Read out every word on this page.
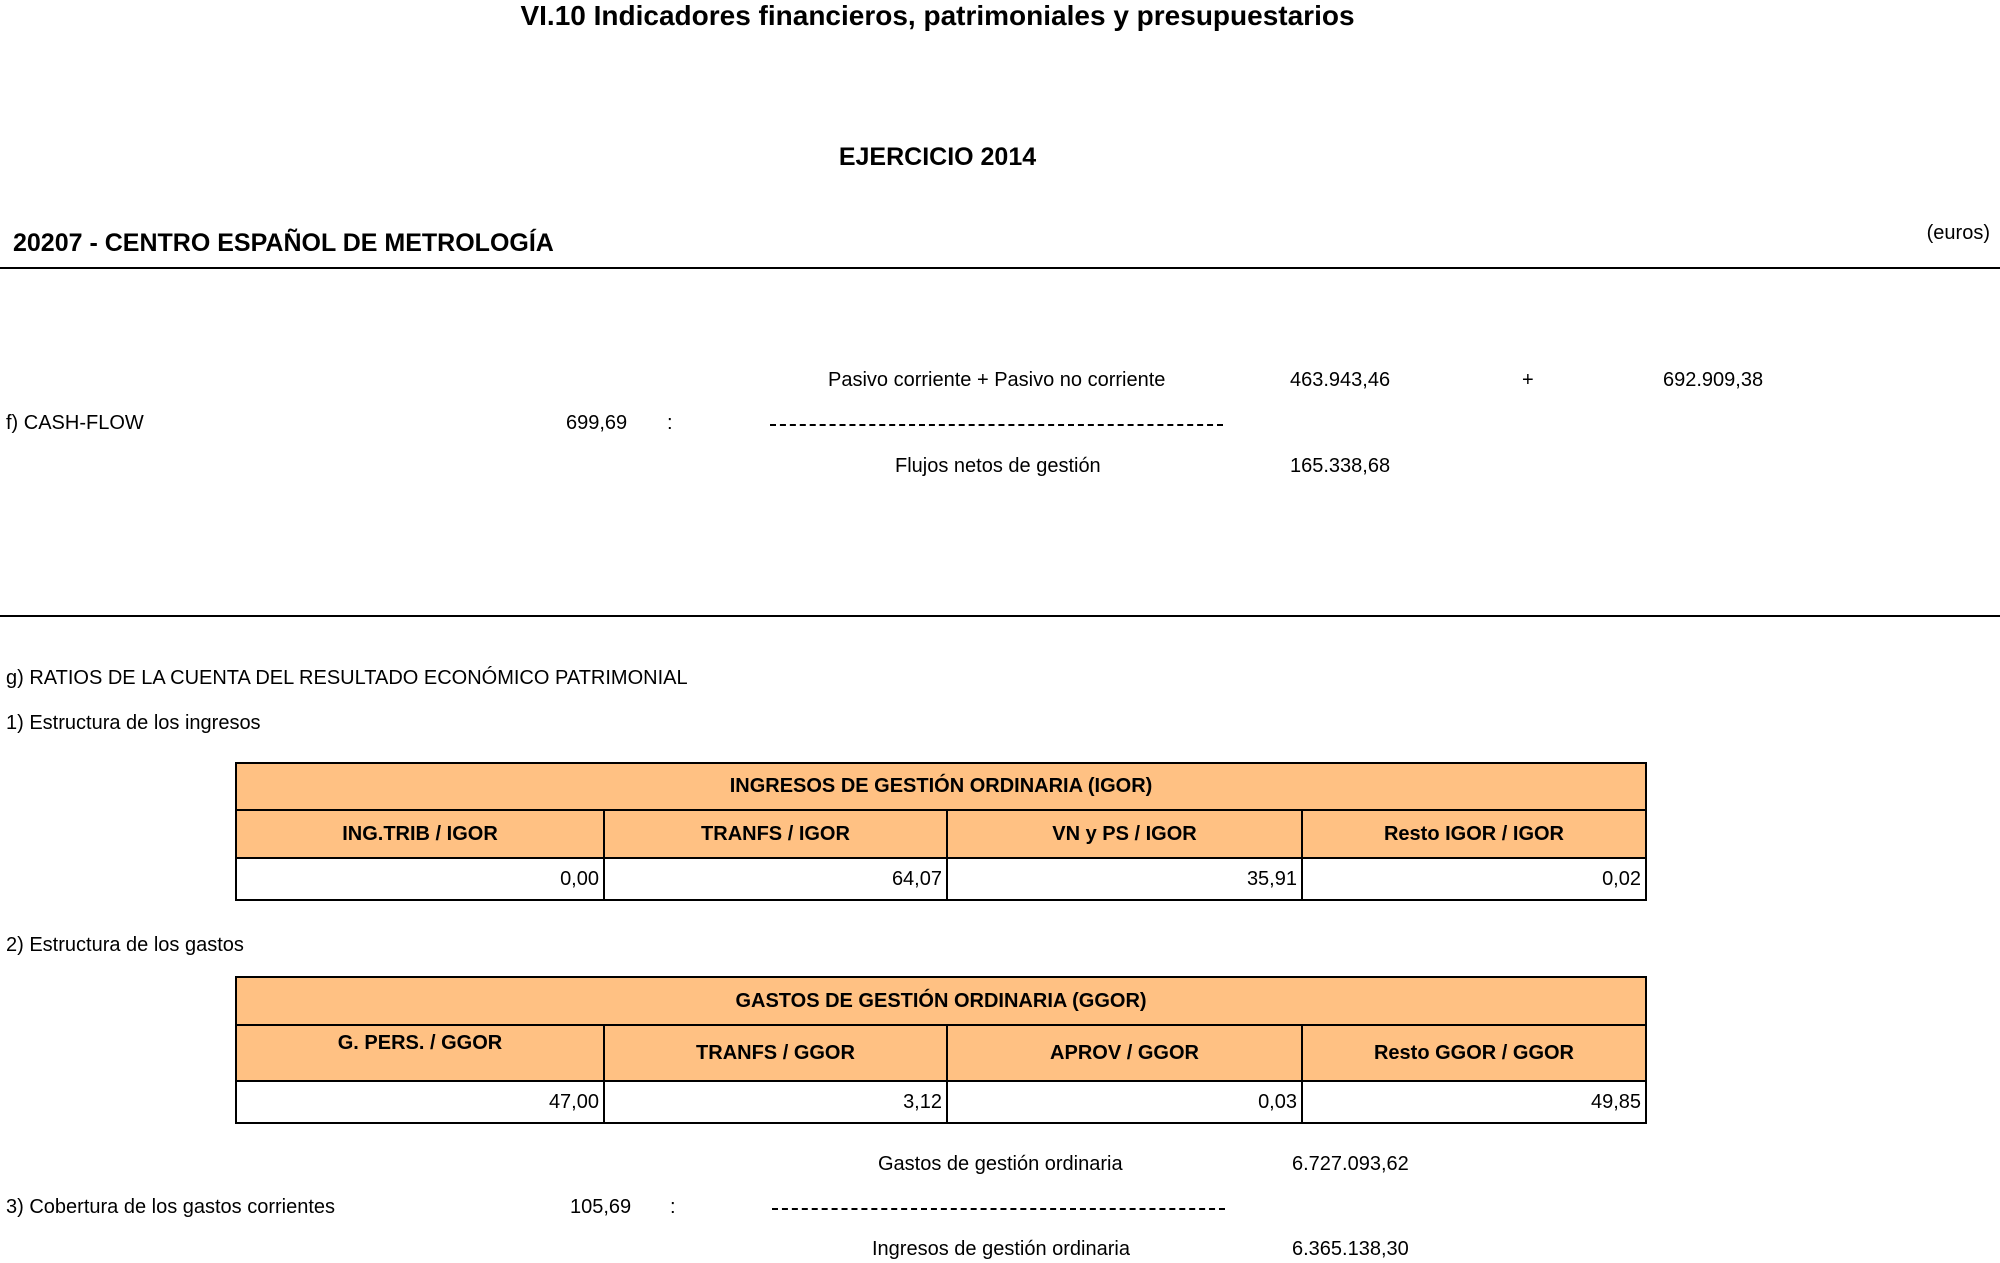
VI.10 Indicadores financieros, patrimoniales y presupuestarios
EJERCICIO 2014
20207 - CENTRO ESPAÑOL DE METROLOGÍA	(euros)
Pasivo corriente + Pasivo no corriente	463.943,46	+	692.909,38
f) CASH-FLOW	699,69 :
Flujos netos de gestión	165.338,68
g) RATIOS DE LA CUENTA DEL RESULTADO ECONÓMICO PATRIMONIAL
1) Estructura de los ingresos
INGRESOS DE GESTIÓN ORDINARIA (IGOR)			
ING.TRIB / IGOR	TRANFS / IGOR	VN y PS / IGOR	Resto IGOR / IGOR
0,00	64,07	35,91	0,02
2) Estructura de los gastos
GASTOS DE GESTIÓN ORDINARIA (GGOR)			
G. PERS. / GGOR	TRANFS / GGOR	APROV / GGOR	Resto GGOR / GGOR
47,00	3,12	0,03	49,85
Gastos de gestión ordinaria	6.727.093,62
3) Cobertura de los gastos corrientes	105,69 :
Ingresos de gestión ordinaria	6.365.138,30
